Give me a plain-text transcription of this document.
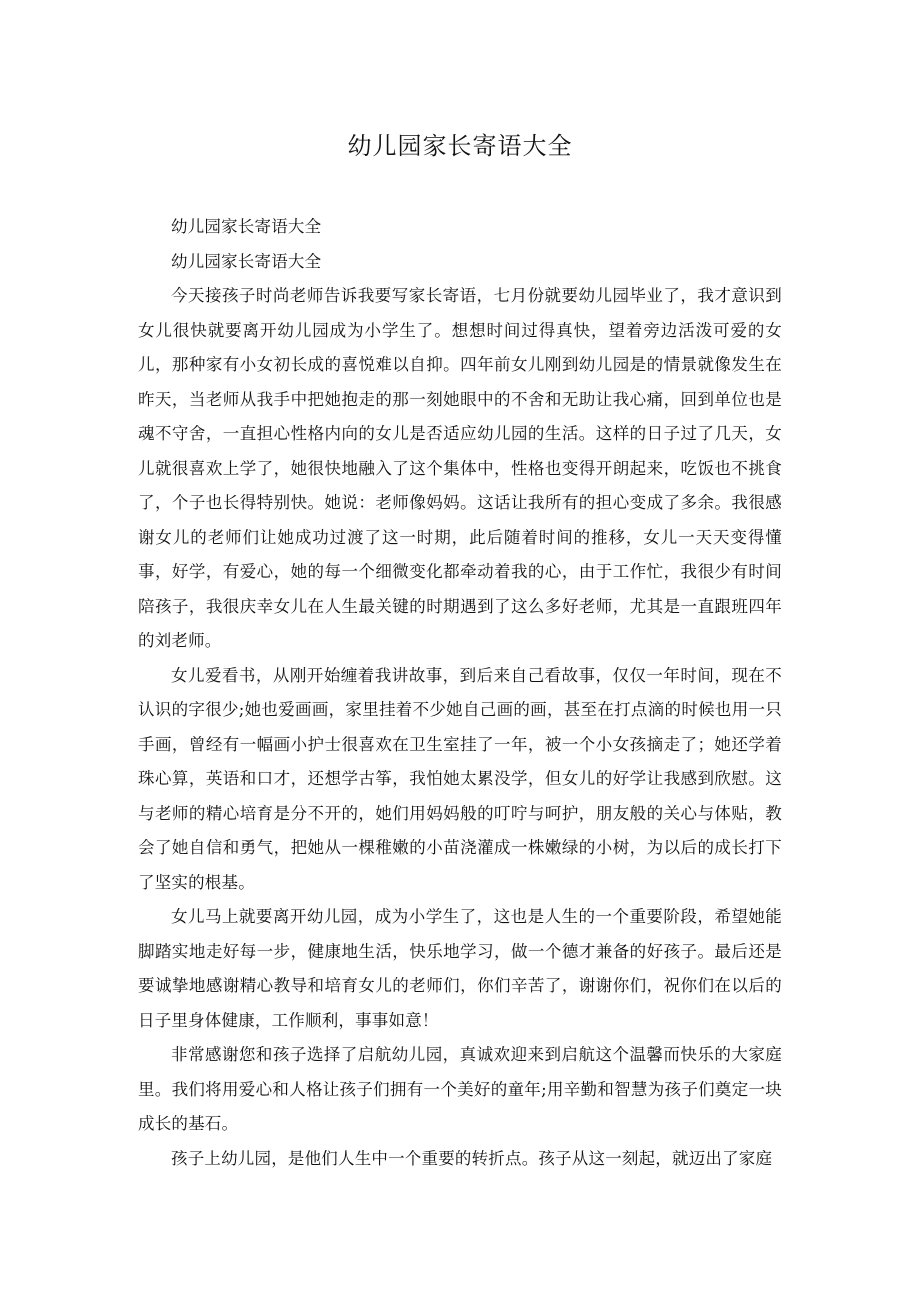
幼儿园家长寄语大全

幼儿园家长寄语大全

幼儿园家长寄语大全

今天接孩子时尚老师告诉我要写家长寄语，七月份就要幼儿园毕业了，我才意识到女儿很快就要离开幼儿园成为小学生了。想想时间过得真快，望着旁边活泼可爱的女儿，那种家有小女初长成的喜悦难以自抑。四年前女儿刚到幼儿园是的情景就像发生在昨天，当老师从我手中把她抱走的那一刻她眼中的不舍和无助让我心痛，回到单位也是魂不守舍，一直担心性格内向的女儿是否适应幼儿园的生活。这样的日子过了几天，女儿就很喜欢上学了，她很快地融入了这个集体中，性格也变得开朗起来，吃饭也不挑食了，个子也长得特别快。她说：老师像妈妈。这话让我所有的担心变成了多余。我很感谢女儿的老师们让她成功过渡了这一时期，此后随着时间的推移，女儿一天天变得懂事，好学，有爱心，她的每一个细微变化都牵动着我的心，由于工作忙，我很少有时间陪孩子，我很庆幸女儿在人生最关键的时期遇到了这么多好老师，尤其是一直跟班四年的刘老师。

女儿爱看书，从刚开始缠着我讲故事，到后来自己看故事，仅仅一年时间，现在不认识的字很少;她也爱画画，家里挂着不少她自己画的画，甚至在打点滴的时候也用一只手画，曾经有一幅画小护士很喜欢在卫生室挂了一年，被一个小女孩摘走了；她还学着珠心算，英语和口才，还想学古筝，我怕她太累没学，但女儿的好学让我感到欣慰。这与老师的精心培育是分不开的，她们用妈妈般的叮咛与呵护，朋友般的关心与体贴，教会了她自信和勇气，把她从一棵稚嫩的小苗浇灌成一株嫩绿的小树，为以后的成长打下了坚实的根基。

女儿马上就要离开幼儿园，成为小学生了，这也是人生的一个重要阶段，希望她能脚踏实地走好每一步，健康地生活，快乐地学习，做一个德才兼备的好孩子。最后还是要诚挚地感谢精心教导和培育女儿的老师们，你们辛苦了，谢谢你们，祝你们在以后的日子里身体健康，工作顺利，事事如意！

非常感谢您和孩子选择了启航幼儿园，真诚欢迎来到启航这个温馨而快乐的大家庭里。我们将用爱心和人格让孩子们拥有一个美好的童年;用辛勤和智慧为孩子们奠定一块成长的基石。

孩子上幼儿园，是他们人生中一个重要的转折点。孩子从这一刻起，就迈出了家庭
